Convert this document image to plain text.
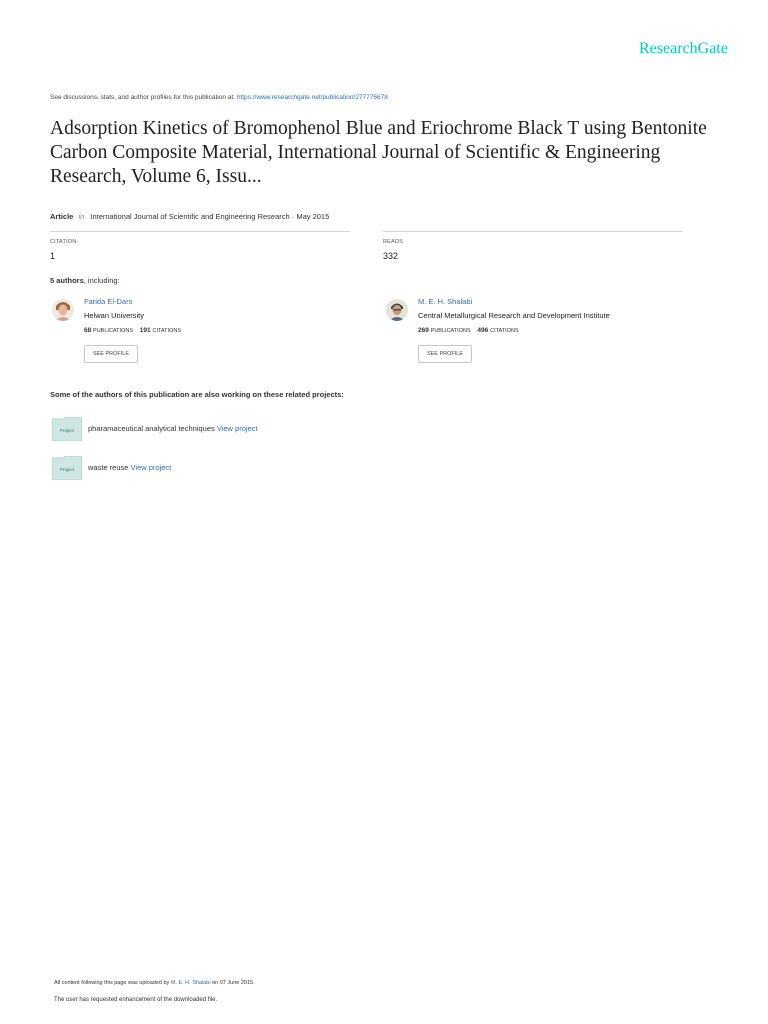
ResearchGate
See discussions, stats, and author profiles for this publication at: https://www.researchgate.net/publication/277776678
Adsorption Kinetics of Bromophenol Blue and Eriochrome Black T using Bentonite Carbon Composite Material, International Journal of Scientific & Engineering Research, Volume 6, Issu...
Article in International Journal of Scientific and Engineering Research · May 2015
CITATION
1
READS
332
5 authors, including:
Farida El-Dars
Helwan University
68 PUBLICATIONS 191 CITATIONS
SEE PROFILE
M. E. H. Shalabi
Central Metallurgical Research and Development Institute
269 PUBLICATIONS 496 CITATIONS
SEE PROFILE
Some of the authors of this publication are also working on these related projects:
Project pharamaceutical analytical techniques View project
Project waste reuse View project
All content following this page was uploaded by M. E. H. Shalabi on 07 June 2015.
The user has requested enhancement of the downloaded file.
